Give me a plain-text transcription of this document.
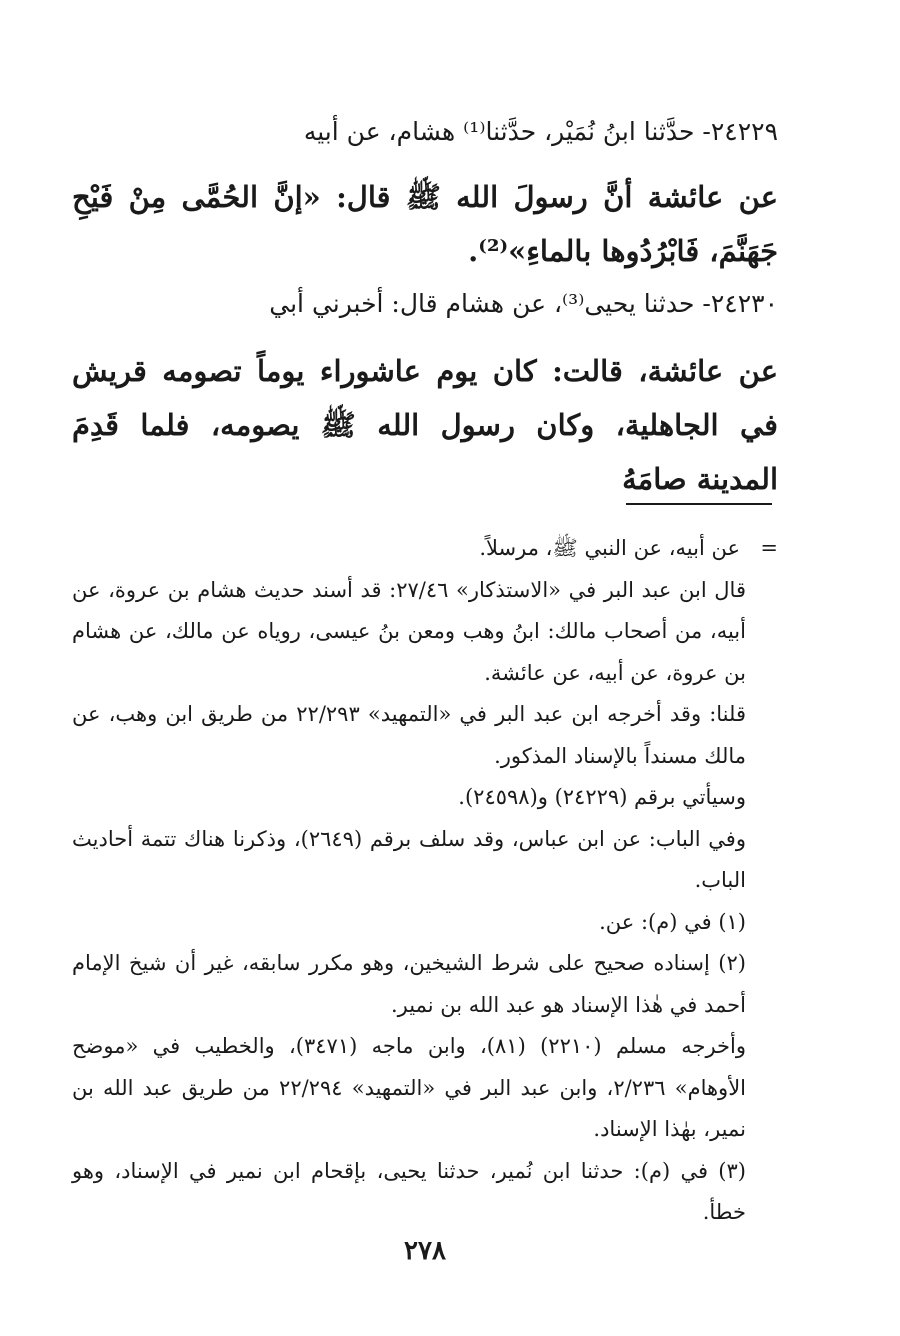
٢٤٢٢٩- حدَّثنا ابنُ نُمَيْر، حدَّثنا⁽¹⁾ هشام، عن أبيه
عن عائشة أنَّ رسولَ الله ﷺ قال: «إنَّ الحُمَّى مِنْ فَيْحِ جَهَنَّمَ، فَابْرُدُوها بالماءِ»⁽²⁾.
٢٤٢٣٠- حدثنا يحيى⁽³⁾، عن هشام قال: أخبرني أبي
عن عائشة، قالت: كان يوم عاشوراء يوماً تصومه قريش في الجاهلية، وكان رسول الله ﷺ يصومه، فلما قَدِمَ المدينة صامَهُ

=
عن أبيه، عن النبي ﷺ، مرسلاً.

قال ابن عبد البر في «الاستذكار» ٢٧/٤٦: قد أسند حديث هشام بن عروة، عن أبيه، من أصحاب مالك: ابنُ وهب ومعن بنُ عيسى، روياه عن مالك، عن هشام بن عروة، عن أبيه، عن عائشة.

قلنا: وقد أخرجه ابن عبد البر في «التمهيد» ٢٢/٢٩٣ من طريق ابن وهب، عن مالك مسنداً بالإسناد المذكور.

وسيأتي برقم (٢٤٢٢٩) و(٢٤٥٩٨).

وفي الباب: عن ابن عباس، وقد سلف برقم (٢٦٤٩)، وذكرنا هناك تتمة أحاديث الباب.

(١) في (م): عن.

(٢) إسناده صحيح على شرط الشيخين، وهو مكرر سابقه، غير أن شيخ الإمام أحمد في هٰذا الإسناد هو عبد الله بن نمير.

وأخرجه مسلم (٢٢١٠) (٨١)، وابن ماجه (٣٤٧١)، والخطيب في «موضح الأوهام» ٢/٢٣٦، وابن عبد البر في «التمهيد» ٢٢/٢٩٤ من طريق عبد الله بن نمير، بهٰذا الإسناد.

(٣) في (م): حدثنا ابن نُمير، حدثنا يحيى، بإقحام ابن نمير في الإسناد، وهو خطأ.

٢٧٨
